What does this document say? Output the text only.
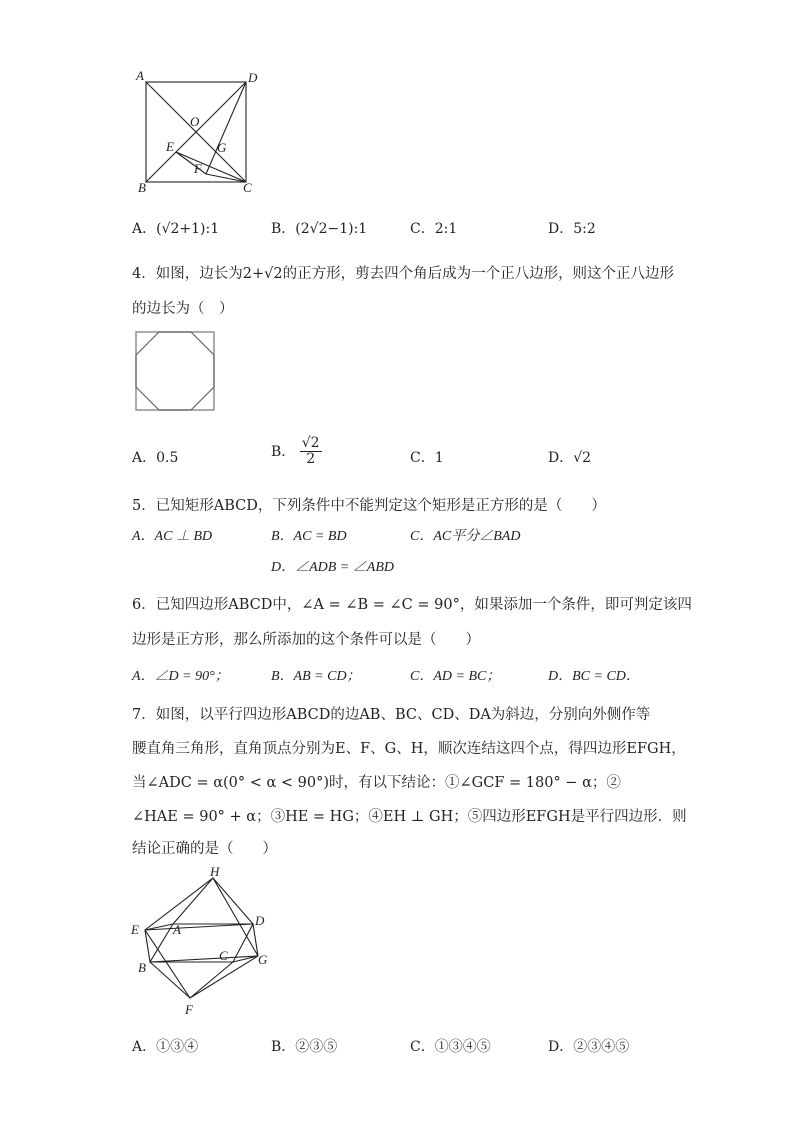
A	D
O
E	G
F
B	C
A．(√2+1):1	B．(2√2−1):1	C．2:1	D．5:2
4．如图，边长为2+√2的正方形，剪去四个角后成为一个正八边形，则这个正八边形
的边长为（　）
A．0.5	B． $\frac{√2}{2}$	C．1	D．√2
5．已知矩形ABCD，下列条件中不能判定这个矩形是正方形的是（　　）
A．AC ⊥ BD	B．AC = BD	C．AC平分∠BAD
D．∠ADB = ∠ABD
6．已知四边形ABCD中，∠A = ∠B = ∠C = 90°，如果添加一个条件，即可判定该四
边形是正方形，那么所添加的这个条件可以是（　　）
A．∠D = 90°；	B．AB = CD；	C．AD = BC；	D．BC = CD．
7．如图，以平行四边形ABCD的边AB、BC、CD、DA为斜边，分别向外侧作等
腰直角三角形，直角顶点分别为E、F、G、H，顺次连结这四个点，得四边形EFGH，
当∠ADC = α(0° < α < 90°)时，有以下结论：①∠GCF = 180° − α；②
∠HAE = 90° + α；③HE = HG；④EH ⊥ GH；⑤四边形EFGH是平行四边形．则
结论正确的是（　　）
H
D
E	A
C
B
G
F
A．①③④	B．②③⑤	C．①③④⑤	D．②③④⑤
